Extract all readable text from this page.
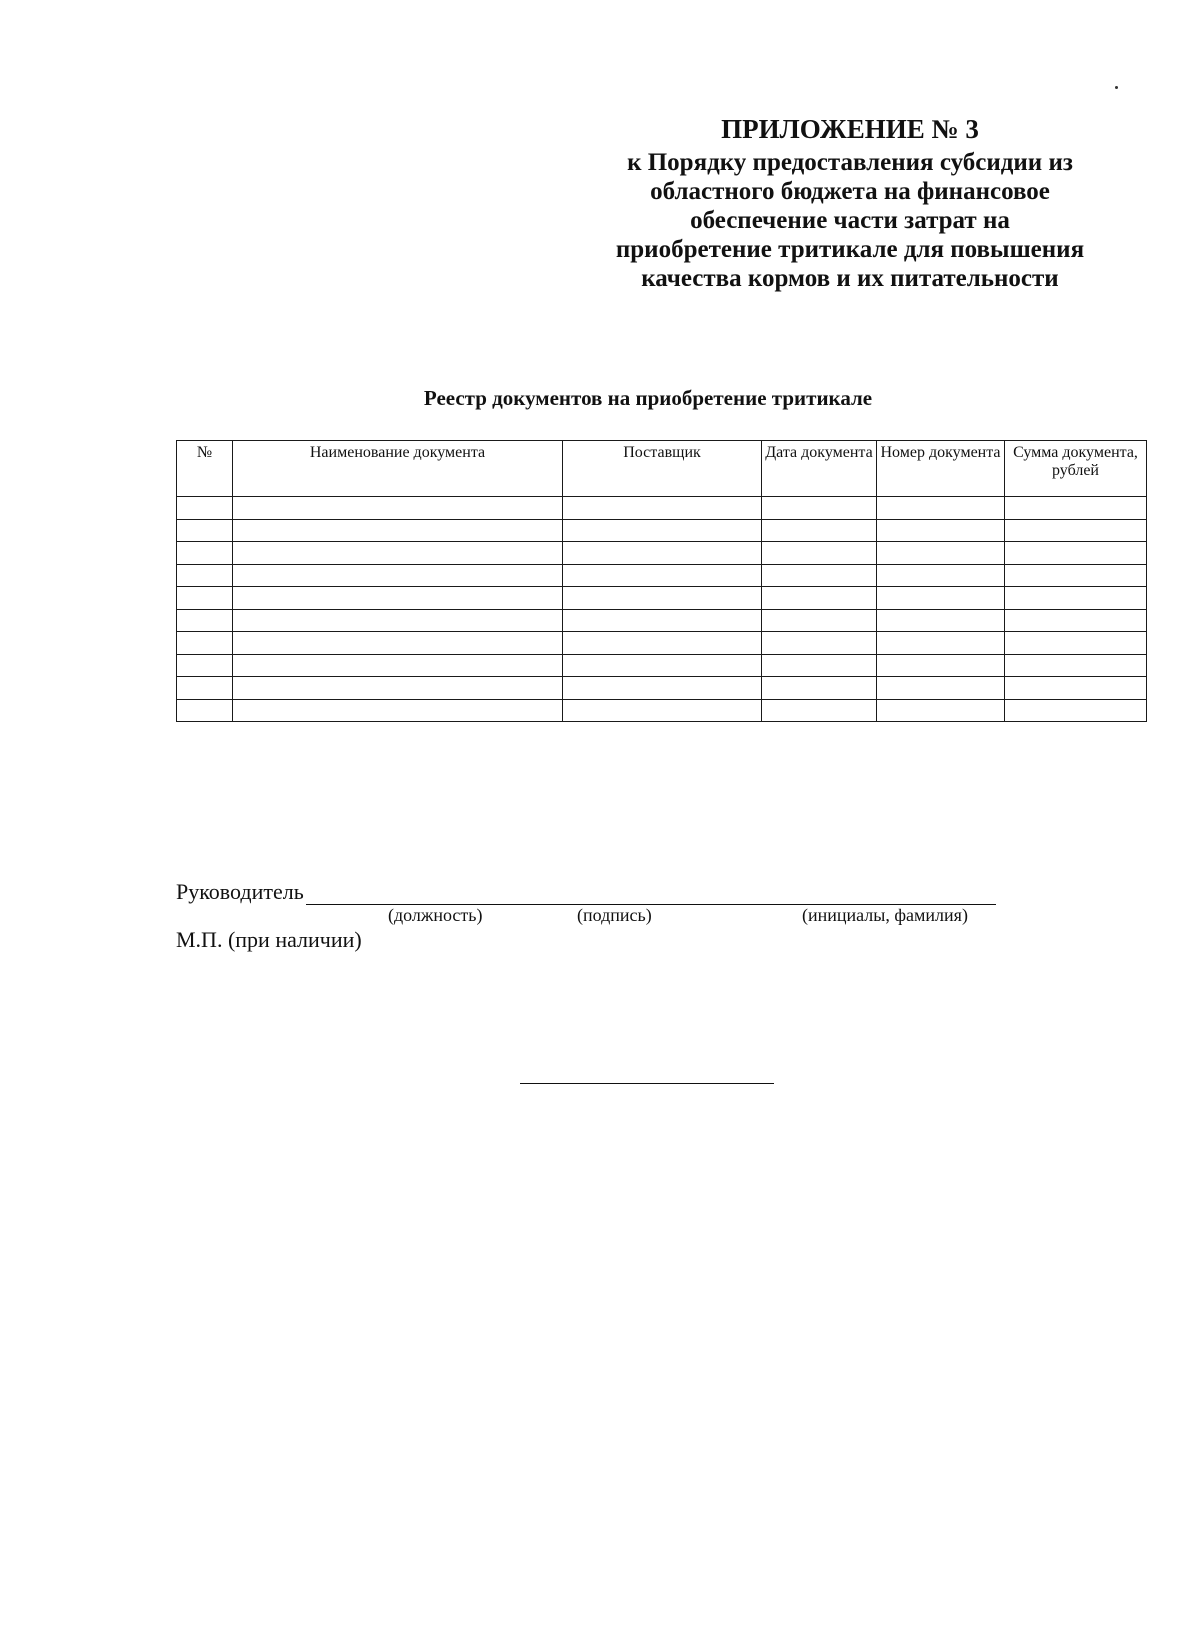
ПРИЛОЖЕНИЕ № 3
к Порядку предоставления субсидии из
областного бюджета на финансовое
обеспечение части затрат на
приобретение тритикале для повышения
качества кормов и их питательности
Реестр документов на приобретение тритикале
№	Наименование документа	Поставщик	Дата документа	Номер документа	Сумма документа, рублей

Руководитель
(должность)	(подпись)	(инициалы, фамилия)
М.П. (при наличии)
